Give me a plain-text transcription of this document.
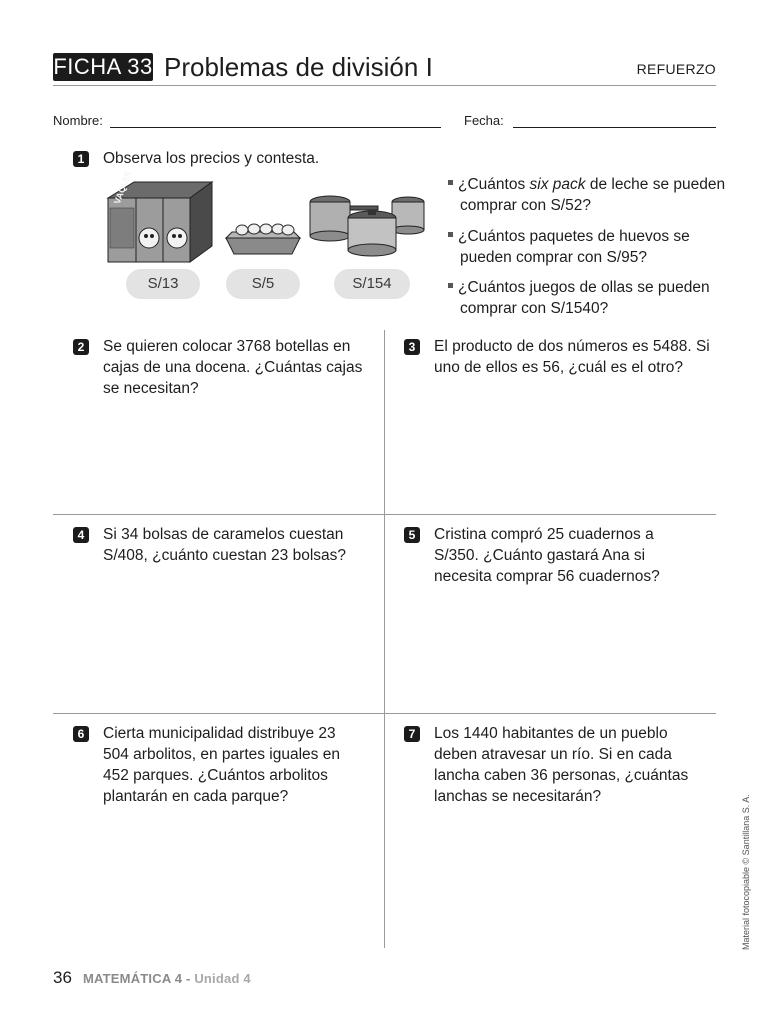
FICHA 33 Problemas de división I	REFUERZO
Nombre:	Fecha:
1	Observa los precios y contesta.
VAQUIS
S/13	S/5	S/154
¿Cuántos six pack de leche se pueden comprar con S/52?
¿Cuántos paquetes de huevos se pueden comprar con S/95?
¿Cuántos juegos de ollas se pueden comprar con S/1540?
2	Se quieren colocar 3768 botellas en cajas de una docena. ¿Cuántas cajas se necesitan?
3	El producto de dos números es 5488. Si uno de ellos es 56, ¿cuál es el otro?
4	Si 34 bolsas de caramelos cuestan S/408, ¿cuánto cuestan 23 bolsas?
5	Cristina compró 25 cuadernos a S/350. ¿Cuánto gastará Ana si necesita comprar 56 cuadernos?
6	Cierta municipalidad distribuye 23 504 arbolitos, en partes iguales en 452 parques. ¿Cuántos arbolitos plantarán en cada parque?
7	Los 1440 habitantes de un pueblo deben atravesar un río. Si en cada lancha caben 36 personas, ¿cuántas lanchas se necesitarán?	Material fotocopiable © Santillana S. A.
36 MATEMÁTICA 4 - Unidad 4
